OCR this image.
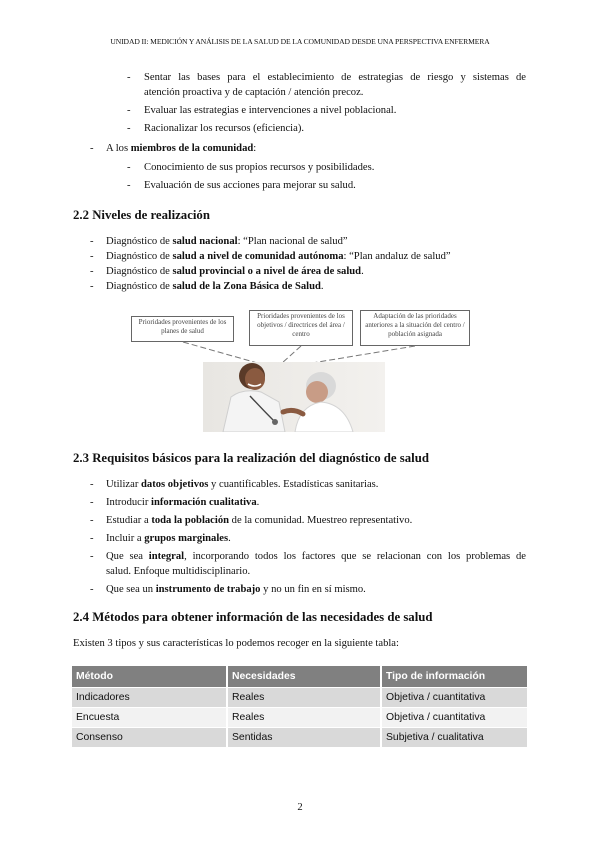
UNIDAD II: MEDICIÓN Y ANÁLISIS DE LA SALUD DE LA COMUNIDAD DESDE UNA PERSPECTIVA ENFERMERA
- Sentar las bases para el establecimiento de estrategias de riesgo y sistemas de
atención proactiva y de captación / atención precoz.
- Evaluar las estrategias e intervenciones a nivel poblacional.
- Racionalizar los recursos (eficiencia).
- A los miembros de la comunidad:
- Conocimiento de sus propios recursos y posibilidades.
- Evaluación de sus acciones para mejorar su salud.
2.2 Niveles de realización
- Diagnóstico de salud nacional: “Plan nacional de salud”
- Diagnóstico de salud a nivel de comunidad autónoma: “Plan andaluz de salud”
- Diagnóstico de salud provincial o a nivel de área de salud.
- Diagnóstico de salud de la Zona Básica de Salud.
Prioridades provenientes de los planes de salud
Prioridades provenientes de los objetivos / directrices del área / centro
Adaptación de las prioridades anteriores a la situación del centro / población asignada
2.3 Requisitos básicos para la realización del diagnóstico de salud
- Utilizar datos objetivos y cuantificables. Estadísticas sanitarias.
- Introducir información cualitativa.
- Estudiar a toda la población de la comunidad. Muestreo representativo.
- Incluir a grupos marginales.
- Que sea integral, incorporando todos los factores que se relacionan con los problemas de
salud. Enfoque multidisciplinario.
- Que sea un instrumento de trabajo y no un fin en sí mismo.
2.4 Métodos para obtener información de las necesidades de salud
Existen 3 tipos y sus características lo podemos recoger en la siguiente tabla:
Método	Necesidades	Tipo de información
Indicadores	Reales	Objetiva / cuantitativa
Encuesta	Reales	Objetiva / cuantitativa
Consenso	Sentidas	Subjetiva / cualitativa
2
